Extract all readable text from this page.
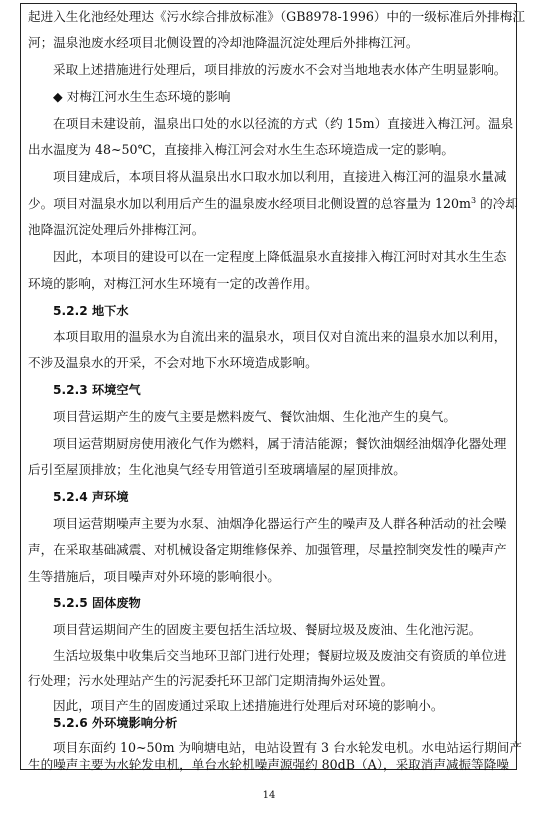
起进入生化池经处理达《污水综合排放标准》（GB8978-1996）中的一级标准后外排梅江
河；温泉池废水经项目北侧设置的冷却池降温沉淀处理后外排梅江河。
采取上述措施进行处理后，项目排放的污废水不会对当地地表水体产生明显影响。
◆ 对梅江河水生生态环境的影响
在项目未建设前，温泉出口处的水以径流的方式（约 15m）直接进入梅江河。温泉
出水温度为 48~50℃，直接排入梅江河会对水生生态环境造成一定的影响。
项目建成后，本项目将从温泉出水口取水加以利用，直接进入梅江河的温泉水量减
少。项目对温泉水加以利用后产生的温泉废水经项目北侧设置的总容量为 $120m^3$ 的冷却
池降温沉淀处理后外排梅江河。
因此，本项目的建设可以在一定程度上降低温泉水直接排入梅江河时对其水生生态
环境的影响，对梅江河水生环境有一定的改善作用。
5.2.2 地下水
本项目取用的温泉水为自流出来的温泉水，项目仅对自流出来的温泉水加以利用，
不涉及温泉水的开采，不会对地下水环境造成影响。
5.2.3 环境空气
项目营运期产生的废气主要是燃料废气、餐饮油烟、生化池产生的臭气。
项目运营期厨房使用液化气作为燃料，属于清洁能源；餐饮油烟经油烟净化器处理
后引至屋顶排放；生化池臭气经专用管道引至玻璃墙屋的屋顶排放。
5.2.4 声环境
项目运营期噪声主要为水泵、油烟净化器运行产生的噪声及人群各种活动的社会噪
声，在采取基础减震、对机械设备定期维修保养、加强管理，尽量控制突发性的噪声产
生等措施后，项目噪声对外环境的影响很小。
5.2.5 固体废物
项目营运期间产生的固废主要包括生活垃圾、餐厨垃圾及废油、生化池污泥。
生活垃圾集中收集后交当地环卫部门进行处理；餐厨垃圾及废油交有资质的单位进
行处理；污水处理站产生的污泥委托环卫部门定期清掏外运处置。
因此，项目产生的固废通过采取上述措施进行处理后对环境的影响小。
5.2.6 外环境影响分析
项目东面约 10~50m 为响塘电站，电站设置有 3 台水轮发电机。水电站运行期间产
生的噪声主要为水轮发电机，单台水轮机噪声源强约 80dB（A），采取消声减振等降噪
14
